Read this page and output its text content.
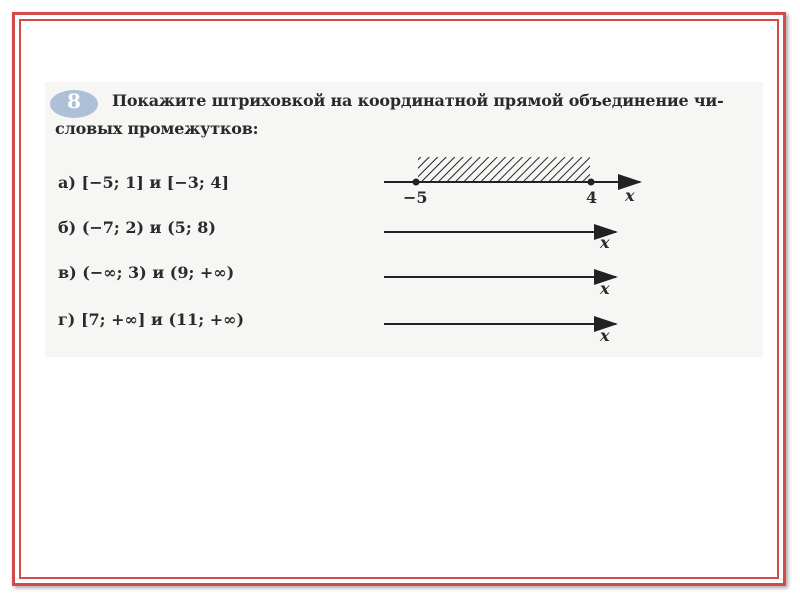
8 Покажите штриховкой на координатной прямой объединение чи-
словых промежутков:
а) [−5; 1] и [−3; 4]
б) (−7; 2) и (5; 8)
в) (−∞; 3) и (9; +∞)
г) [7; +∞] и (11; +∞)
−5	4 x
x
x
x
